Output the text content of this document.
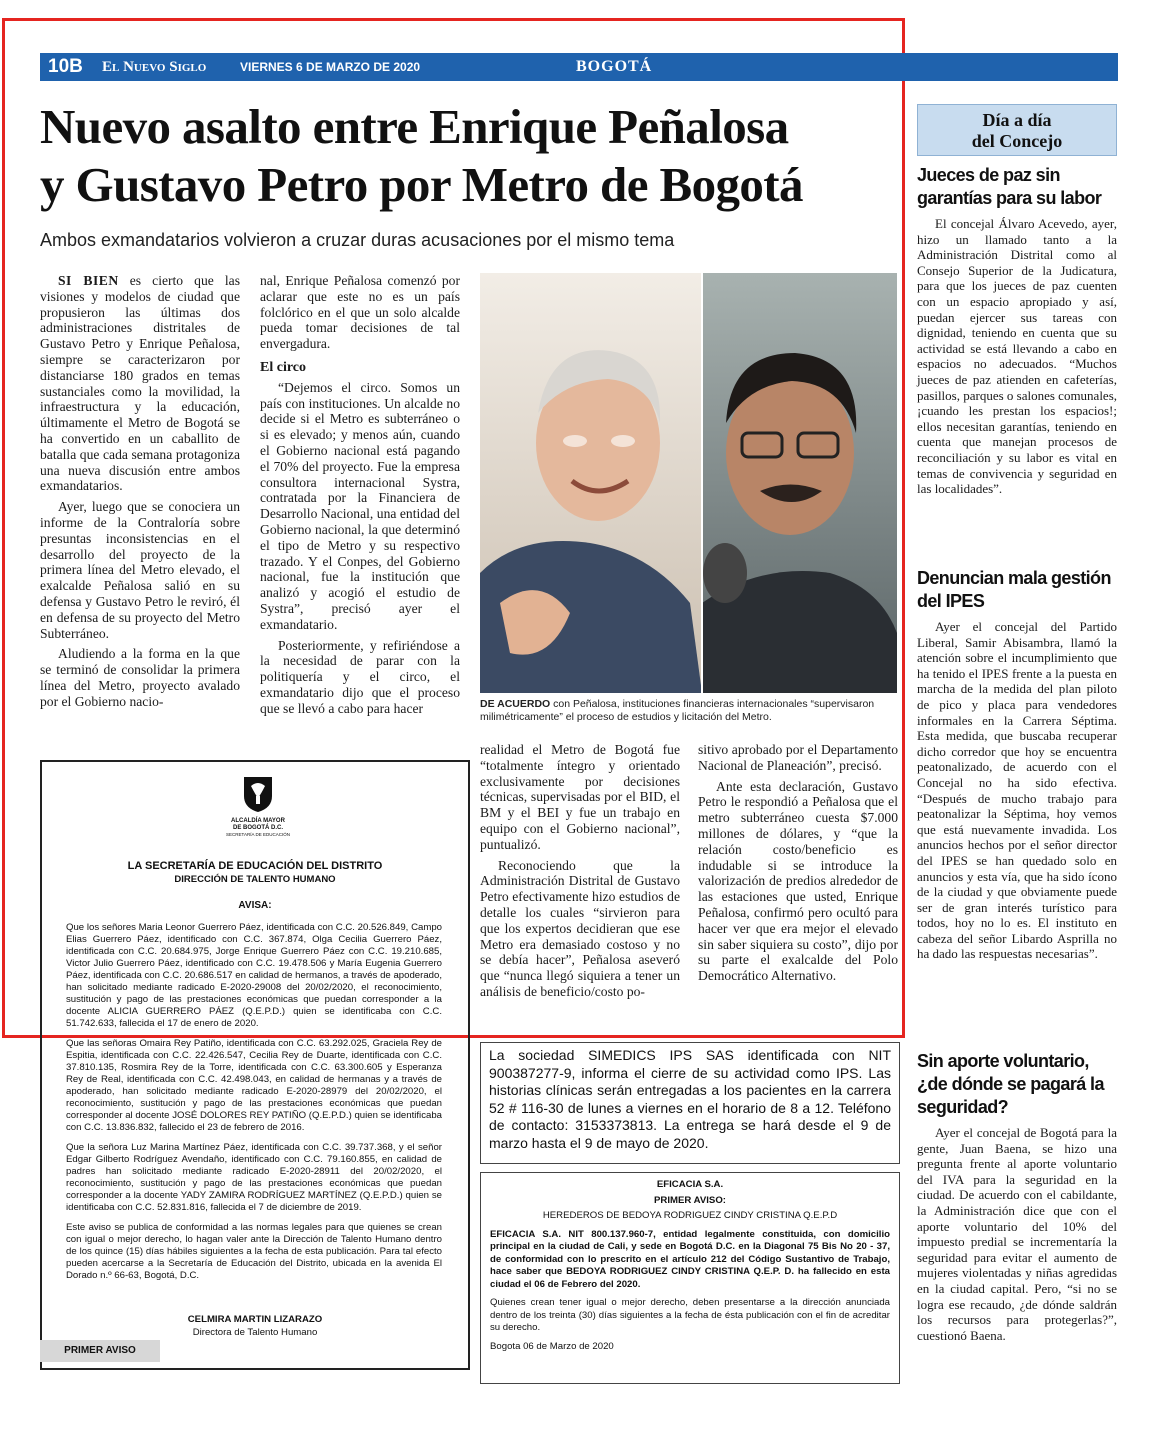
10B El Nuevo Siglo	VIERNES 6 DE MARZO DE 2020	BOGOTÁ
Nuevo asalto entre Enrique Peñalosa
y Gustavo Petro por Metro de Bogotá
Ambos exmandatarios volvieron a cruzar duras acusaciones por el mismo tema

SI BIEN es cierto que las visiones y modelos de ciudad que propusieron las últimas dos administraciones distritales de Gustavo Petro y Enrique Peñalosa, siempre se caracterizaron por distanciarse 180 grados en temas sustanciales como la movilidad, la infraestructura y la educación, últimamente el Metro de Bogotá se ha convertido en un caballito de batalla que cada semana protagoniza una nueva discusión entre ambos exmandatarios.

Ayer, luego que se conociera un informe de la Contraloría sobre presuntas inconsistencias en el desarrollo del proyecto de la primera línea del Metro elevado, el exalcalde Peñalosa salió en su defensa y Gustavo Petro le reviró, él en defensa de su proyecto del Metro Subterráneo.

Aludiendo a la forma en la que se terminó de consolidar la primera línea del Metro, proyecto avalado por el Gobierno nacio-

nal, Enrique Peñalosa comenzó por aclarar que este no es un país folclórico en el que un solo alcalde pueda tomar decisiones de tal envergadura.

El circo

“Dejemos el circo. Somos un país con instituciones. Un alcalde no decide si el Metro es subterráneo o si es elevado; y menos aún, cuando el Gobierno nacional está pagando el 70% del proyecto. Fue la empresa consultora internacional Systra, contratada por la Financiera de Desarrollo Nacional, una entidad del Gobierno nacional, la que determinó el tipo de Metro y su respectivo trazado. Y el Conpes, del Gobierno nacional, fue la institución que analizó y acogió el estudio de Systra”, precisó ayer el exmandatario.

Posteriormente, y refiriéndose a la necesidad de parar con la politiquería y el circo, el exmandatario dijo que el proceso que se llevó a cabo para hacer	DE ACUERDO con Peñalosa, instituciones financieras internacionales “supervisaron milimétricamente” el proceso de estudios y licitación del Metro.

realidad el Metro de Bogotá fue “totalmente íntegro y orientado exclusivamente por decisiones técnicas, supervisadas por el BID, el BM y el BEI y fue un trabajo en equipo con el Gobierno nacional”, puntualizó.

Reconociendo que la Administración Distrital de Gustavo Petro efectivamente hizo estudios de detalle los cuales “sirvieron para que los expertos decidieran que ese Metro era demasiado costoso y no se debía hacer”, Peñalosa aseveró que “nunca llegó siquiera a tener un análisis de beneficio/costo po-

sitivo aprobado por el Departamento Nacional de Planeación”, precisó.

Ante esta declaración, Gustavo Petro le respondió a Peñalosa que el metro subterráneo cuesta $7.000 millones de dólares, y “que la relación costo/beneficio es indudable si se introduce la valorización de predios alrededor de las estaciones que usted, Enrique Peñalosa, confirmó pero ocultó para hacer ver que era mejor el elevado sin saber siquiera su costo”, dijo por su parte el exalcalde del Polo Democrático Alternativo.

ALCALDÍA MAYOR
DE BOGOTÁ D.C.
SECRETARÍA DE EDUCACIÓN
LA SECRETARÍA DE EDUCACIÓN DEL DISTRITO
DIRECCIÓN DE TALENTO HUMANO
AVISA:

Que los señores Maria Leonor Guerrero Páez, identificada con C.C. 20.526.849, Campo Elias Guerrero Páez, identificado con C.C. 367.874, Olga Cecilia Guerrero Páez, identificada con C.C. 20.684.975, Jorge Enrique Guerrero Páez con C.C. 19.210.685, Victor Julio Guerrero Páez, identificado con C.C. 19.478.506 y María Eugenia Guerrero Páez, identificada con C.C. 20.686.517 en calidad de hermanos, a través de apoderado, han solicitado mediante radicado E-2020-29008 del 20/02/2020, el reconocimiento, sustitución y pago de las prestaciones económicas que puedan corresponder a la docente ALICIA GUERRERO PÁEZ (Q.E.P.D.) quien se identificaba con C.C. 51.742.633, fallecida el 17 de enero de 2020.

Que las señoras Omaira Rey Patiño, identificada con C.C. 63.292.025, Graciela Rey de Espitia, identificada con C.C. 22.426.547, Cecilia Rey de Duarte, identificada con C.C. 37.810.135, Rosmira Rey de la Torre, identificada con C.C. 63.300.605 y Esperanza Rey de Real, identificada con C.C. 42.498.043, en calidad de hermanas y a través de apoderado, han solicitado mediante radicado E-2020-28979 del 20/02/2020, el reconocimiento, sustitución y pago de las prestaciones económicas que puedan corresponder al docente JOSÉ DOLORES REY PATIÑO (Q.E.P.D.) quien se identificaba con C.C. 13.836.832, fallecido el 23 de febrero de 2016.

Que la señora Luz Marina Martínez Páez, identificada con C.C. 39.737.368, y el señor Edgar Gilberto Rodríguez Avendaño, identificado con C.C. 79.160.855, en calidad de padres han solicitado mediante radicado E-2020-28911 del 20/02/2020, el reconocimiento, sustitución y pago de las prestaciones económicas que puedan corresponder a la docente YADY ZAMIRA RODRÍGUEZ MARTÍNEZ (Q.E.P.D.) quien se identificaba con C.C. 52.831.816, fallecida el 7 de diciembre de 2019.

Este aviso se publica de conformidad a las normas legales para que quienes se crean con igual o mejor derecho, lo hagan valer ante la Dirección de Talento Humano dentro de los quince (15) días hábiles siguientes a la fecha de esta publicación. Para tal efecto pueden acercarse a la Secretaría de Educación del Distrito, ubicada en la avenida El Dorado n.º 66-63, Bogotá, D.C.

CELMIRA MARTIN LIZARAZO
Directora de Talento Humano
PRIMER AVISO
La sociedad SIMEDICS IPS SAS identificada con NIT 900387277-9, informa el cierre de su actividad como IPS. Las historias clínicas serán entregadas a los pacientes en la carrera 52 # 116-30 de lunes a viernes en el horario de 8 a 12. Teléfono de contacto: 3153373813. La entrega se hará desde el 9 de marzo hasta el 9 de mayo de 2020.
EFICACIA S.A.
PRIMER AVISO:
HEREDEROS DE BEDOYA RODRIGUEZ CINDY CRISTINA Q.E.P.D

EFICACIA S.A. NIT 800.137.960-7, entidad legalmente constituida, con domicilio principal en la ciudad de Cali, y sede en Bogotá D.C. en la Diagonal 75 Bis No 20 - 37, de conformidad con lo prescrito en el artículo 212 del Código Sustantivo de Trabajo, hace saber que BEDOYA RODRIGUEZ CINDY CRISTINA Q.E.P. D. ha fallecido en esta ciudad el 06 de Febrero del 2020.

Quienes crean tener igual o mejor derecho, deben presentarse a la dirección anunciada dentro de los treinta (30) días siguientes a la fecha de ésta publicación con el fin de acreditar su derecho.

Bogota 06 de Marzo de 2020
Día a día
del Concejo
Jueces de paz sin garantías para su labor

El concejal Álvaro Acevedo, ayer, hizo un llamado tanto a la Administración Distrital como al Consejo Superior de la Judicatura, para que los jueces de paz cuenten con un espacio apropiado y así, puedan ejercer sus tareas con dignidad, teniendo en cuenta que su actividad se está llevando a cabo en espacios no adecuados. “Muchos jueces de paz atienden en cafeterías, pasillos, parques o salones comunales, ¡cuando les prestan los espacios!; ellos necesitan garantías, teniendo en cuenta que manejan procesos de reconciliación y su labor es vital en temas de convivencia y seguridad en las localidades”.

Denuncian mala gestión del IPES

Ayer el concejal del Partido Liberal, Samir Abisambra, llamó la atención sobre el incumplimiento que ha tenido el IPES frente a la puesta en marcha de la medida del plan piloto de pico y placa para vendedores informales en la Carrera Séptima. Esta medida, que buscaba recuperar dicho corredor que hoy se encuentra peatonalizado, de acuerdo con el Concejal no ha sido efectiva. “Después de mucho trabajo para peatonalizar la Séptima, hoy vemos que está nuevamente invadida. Los anuncios hechos por el señor director del IPES se han quedado solo en anuncios y esta vía, que ha sido ícono de la ciudad y que obviamente puede ser de gran interés turístico para todos, hoy no lo es. El instituto en cabeza del señor Libardo Asprilla no ha dado las respuestas necesarias”.

Sin aporte voluntario, ¿de dónde se pagará la seguridad?

Ayer el concejal de Bogotá para la gente, Juan Baena, se hizo una pregunta frente al aporte voluntario del IVA para la seguridad en la ciudad. De acuerdo con el cabildante, la Administración dice que con el aporte voluntario del 10% del impuesto predial se incrementaría la seguridad para evitar el aumento de mujeres violentadas y niñas agredidas en la ciudad capital. Pero, “si no se logra ese recaudo, ¿de dónde saldrán los recursos para protegerlas?”, cuestionó Baena.
